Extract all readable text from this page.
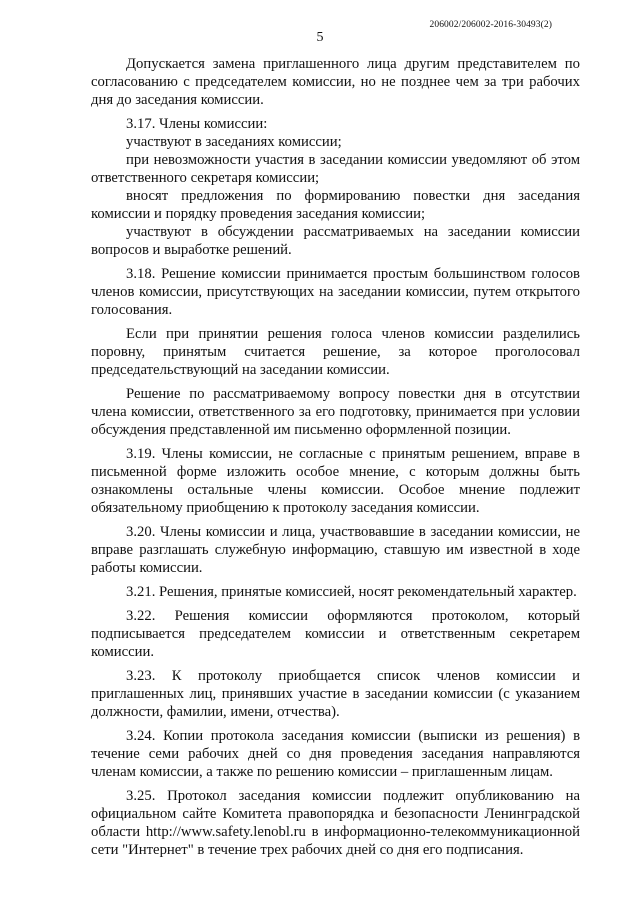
206002/206002-2016-30493(2)
5

Допускается замена приглашенного лица другим представителем по согласованию с председателем комиссии, но не позднее чем за три рабочих дня до заседания комиссии.

3.17. Члены комиссии:

участвуют в заседаниях комиссии;

при невозможности участия в заседании комиссии уведомляют об этом ответственного секретаря комиссии;

вносят предложения по формированию повестки дня заседания комиссии и порядку проведения заседания комиссии;

участвуют в обсуждении рассматриваемых на заседании комиссии вопросов и выработке решений.

3.18. Решение комиссии принимается простым большинством голосов членов комиссии, присутствующих на заседании комиссии, путем открытого голосования.

Если при принятии решения голоса членов комиссии разделились поровну, принятым считается решение, за которое проголосовал председательствующий на заседании комиссии.

Решение по рассматриваемому вопросу повестки дня в отсутствии члена комиссии, ответственного за его подготовку, принимается при условии обсуждения представленной им письменно оформленной позиции.

3.19. Члены комиссии, не согласные с принятым решением, вправе в письменной форме изложить особое мнение, с которым должны быть ознакомлены остальные члены комиссии. Особое мнение подлежит обязательному приобщению к протоколу заседания комиссии.

3.20. Члены комиссии и лица, участвовавшие в заседании комиссии, не вправе разглашать служебную информацию, ставшую им известной в ходе работы комиссии.

3.21. Решения, принятые комиссией, носят рекомендательный характер.

3.22. Решения комиссии оформляются протоколом, который подписывается председателем комиссии и ответственным секретарем комиссии.

3.23. К протоколу приобщается список членов комиссии и приглашенных лиц, принявших участие в заседании комиссии (с указанием должности, фамилии, имени, отчества).

3.24. Копии протокола заседания комиссии (выписки из решения) в течение семи рабочих дней со дня проведения заседания направляются членам комиссии, а также по решению комиссии – приглашенным лицам.

3.25. Протокол заседания комиссии подлежит опубликованию на официальном сайте Комитета правопорядка и безопасности Ленинградской области http://www.safety.lenobl.ru в информационно-телекоммуникационной сети "Интернет" в течение трех рабочих дней со дня его подписания.
